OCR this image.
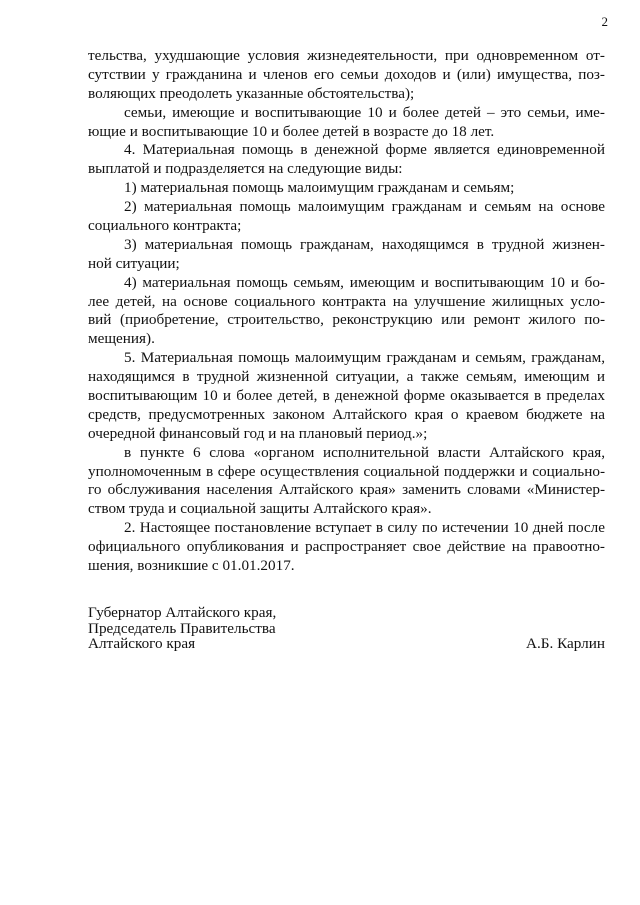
2
тельства, ухудшающие условия жизнедеятельности, при одновременном от-
сутствии у гражданина и членов его семьи доходов и (или) имущества, поз-
воляющих преодолеть указанные обстоятельства);
семьи, имеющие и воспитывающие 10 и более детей – это семьи, име-
ющие и воспитывающие 10 и более детей в возрасте до 18 лет.
4. Материальная помощь в денежной форме является единовременной
выплатой и подразделяется на следующие виды:
1) материальная помощь малоимущим гражданам и семьям;
2) материальная помощь малоимущим гражданам и семьям на основе
социального контракта;
3) материальная помощь гражданам, находящимся в трудной жизнен-
ной ситуации;
4) материальная помощь семьям, имеющим и воспитывающим 10 и бо-
лее детей, на основе социального контракта на улучшение жилищных усло-
вий (приобретение, строительство, реконструкцию или ремонт жилого по-
мещения).
5. Материальная помощь малоимущим гражданам и семьям, гражданам,
находящимся в трудной жизненной ситуации, а также семьям, имеющим и
воспитывающим 10 и более детей, в денежной форме оказывается в пределах
средств, предусмотренных законом Алтайского края о краевом бюджете на
очередной финансовый год и на плановый период.»;
в пункте 6 слова «органом исполнительной власти Алтайского края,
уполномоченным в сфере осуществления социальной поддержки и социально-
го обслуживания населения Алтайского края» заменить словами «Министер-
ством труда и социальной защиты Алтайского края».
2. Настоящее постановление вступает в силу по истечении 10 дней после
официального опубликования и распространяет свое действие на правоотно-
шения, возникшие с 01.01.2017.
Губернатор Алтайского края,
Председатель Правительства
Алтайского края	А.Б. Карлин
